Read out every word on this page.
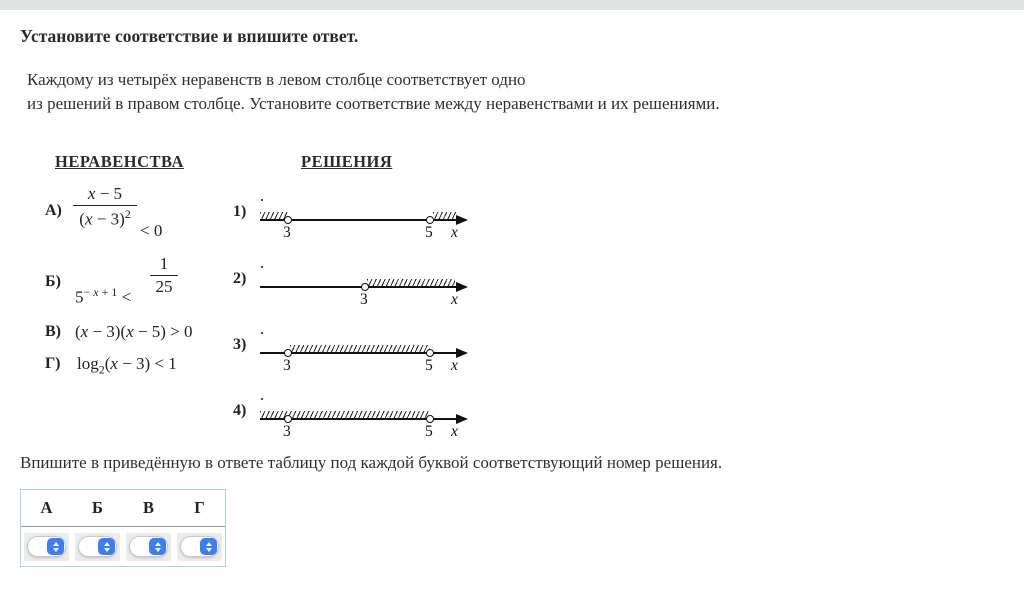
Установите соответствие и впишите ответ.
Каждому из четырёх неравенств в левом столбце соответствует одно
из решений в правом столбце. Установите соответствие между неравенствами и их решениями.
НЕРАВЕНСТВА	РЕШЕНИЯ
А)
x − 5
$(x - 3)^2$
< 0
Б)
$5^{- x + 1}$ <
1
25
В) (x − 3)(x − 5) > 0
Г) $\log_2(x - 3) < 1$
1)
3	5 x
2)
3	x
3)
3	5 x
4)
3	5 x
Впишите в приведённую в ответе таблицу под каждой буквой соответствующий номер решения.
А	Б	В	Г
